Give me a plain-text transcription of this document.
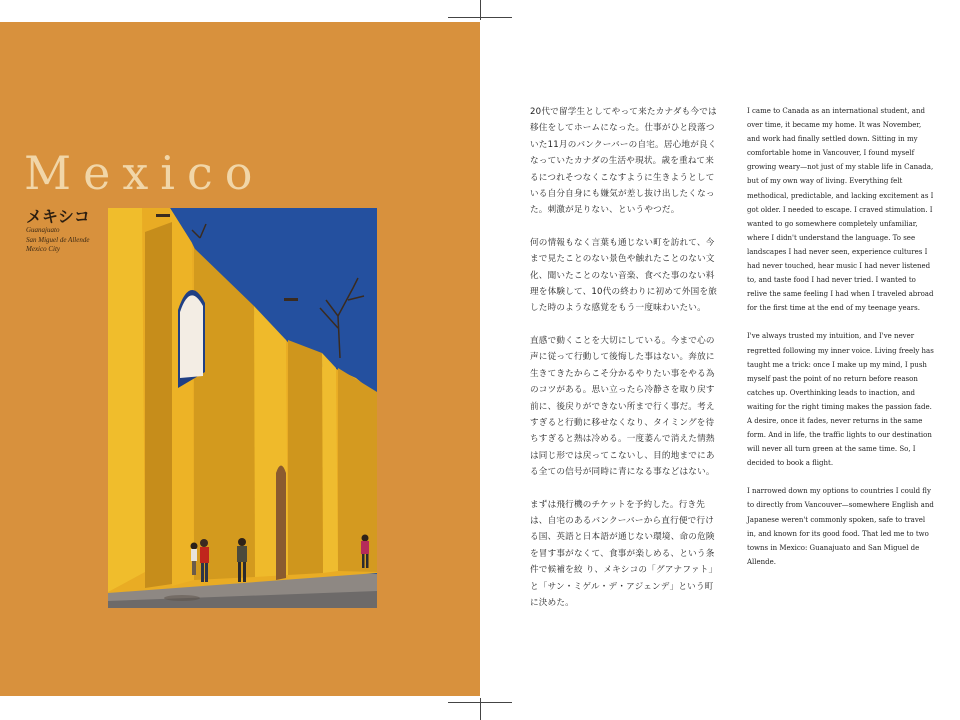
Mexico
メキシコ
Guanajuato
San Miguel de Allende
Mexico City

20代で留学生としてやって来たカナダも今では移住をしてホームになった。仕事がひと段落ついた11月のバンクーバーの自宅。居心地が良くなっていたカナダの生活や現状。歳を重ねて来るにつれそつなくこなすように生きようとしている自分自身にも嫌気が差し抜け出したくなった。刺激が足りない、というやつだ。

何の情報もなく言葉も通じない町を訪れて、今まで見たことのない景色や触れたことのない文化、聞いたことのない音楽、食べた事のない料理を体験して、10代の終わりに初めて外国を旅した時のような感覚をもう一度味わいたい。

直感で動くことを大切にしている。今まで心の声に従って行動して後悔した事はない。奔放に生きてきたからこそ分かるやりたい事をやる為のコツがある。思い立ったら冷静さを取り戻す前に、後戻りができない所まで行く事だ。考えすぎると行動に移せなくなり、タイミングを待ちすぎると熱は冷める。一度萎んで消えた情熱は同じ形では戻ってこないし、目的地までにある全ての信号が同時に青になる事などはない。

まずは飛行機のチケットを予約した。行き先は、自宅のあるバンクーバーから直行便で行ける国、英語と日本語が通じない環境、命の危険を冒す事がなくて、食事が楽しめる、という条件で候補を絞 り、メキシコの「グアナファト」と「サン・ミゲル・デ・アジェンデ」という町に決めた。

I came to Canada as an international student, and over time, it became my home. It was November, and work had finally settled down. Sitting in my comfortable home in Vancouver, I found myself growing weary—not just of my stable life in Canada, but of my own way of living. Everything felt methodical, predictable, and lacking excitement as I got older. I needed to escape. I craved stimulation. I wanted to go somewhere completely unfamiliar, where I didn't understand the language. To see landscapes I had never seen, experience cultures I had never touched, hear music I had never listened to, and taste food I had never tried. I wanted to relive the same feeling I had when I traveled abroad for the first time at the end of my teenage years.

I've always trusted my intuition, and I've never regretted following my inner voice. Living freely has taught me a trick: once I make up my mind, I push myself past the point of no return before reason catches up. Overthinking leads to inaction, and waiting for the right timing makes the passion fade. A desire, once it fades, never returns in the same form. And in life, the traffic lights to our destination will never all turn green at the same time. So, I decided to book a flight.

I narrowed down my options to countries I could fly to directly from Vancouver—somewhere English and Japanese weren't commonly spoken, safe to travel in, and known for its good food. That led me to two towns in Mexico: Guanajuato and San Miguel de Allende.
